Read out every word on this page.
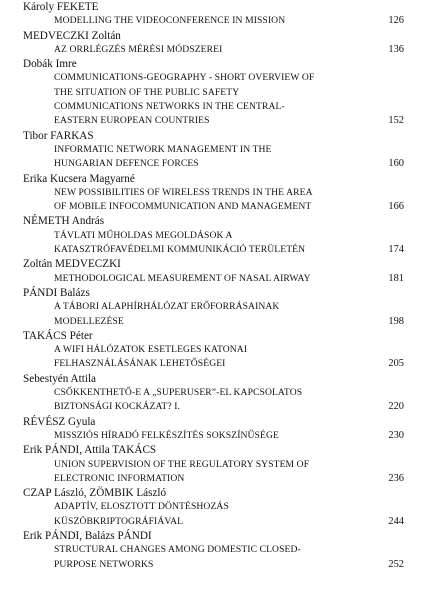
Károly FEKETE
MODELLING THE VIDEOCONFERENCE IN MISSION	126
MEDVECZKI Zoltán
AZ ORRLÉGZÉS MÉRÉSI MÓDSZEREI	136
Dobák Imre
COMMUNICATIONS-GEOGRAPHY - SHORT OVERVIEW OF
THE SITUATION OF THE PUBLIC SAFETY
COMMUNICATIONS NETWORKS IN THE CENTRAL-
EASTERN EUROPEAN COUNTRIES	152
Tibor FARKAS
INFORMATIC NETWORK MANAGEMENT IN THE
HUNGARIAN DEFENCE FORCES	160
Erika Kucsera Magyarné
NEW POSSIBILITIES OF WIRELESS TRENDS IN THE AREA
OF MOBILE INFOCOMMUNICATION AND MANAGEMENT	166
NÉMETH András
TÁVLATI MŰHOLDAS MEGOLDÁSOK A
KATASZTRÓFAVÉDELMI KOMMUNIKÁCIÓ TERÜLETÉN	174
Zoltán MEDVECZKI
METHODOLOGICAL MEASUREMENT OF NASAL AIRWAY	181
PÁNDI Balázs
A TÁBORI ALAPHÍRHÁLÓZAT ERŐFORRÁSAINAK
MODELLEZÉSE	198
TAKÁCS Péter
A WIFI HÁLÓZATOK ESETLEGES KATONAI
FELHASZNÁLÁSÁNAK LEHETŐSÉGEI	205
Sebestyén Attila
CSŐKKENTHETŐ-E A „SUPERUSER”-EL KAPCSOLATOS
BIZTONSÁGI KOCKÁZAT? I.	220
RÉVÉSZ Gyula
MISSZIÓS HÍRADÓ FELKÉSZÍTÉS SOKSZÍNŰSÉGE	230
Erik PÁNDI, Attila TAKÁCS
UNION SUPERVISION OF THE REGULATORY SYSTEM OF
ELECTRONIC INFORMATION	236
CZAP László, ZÖMBIK László
ADAPTÍV, ELOSZTOTT DÖNTÉSHOZÁS
KÜSZÖBKRIPTOGRÁFIÁVAL	244
Erik PÁNDI, Balázs PÁNDI
STRUCTURAL CHANGES AMONG DOMESTIC CLOSED-
PURPOSE NETWORKS	252
